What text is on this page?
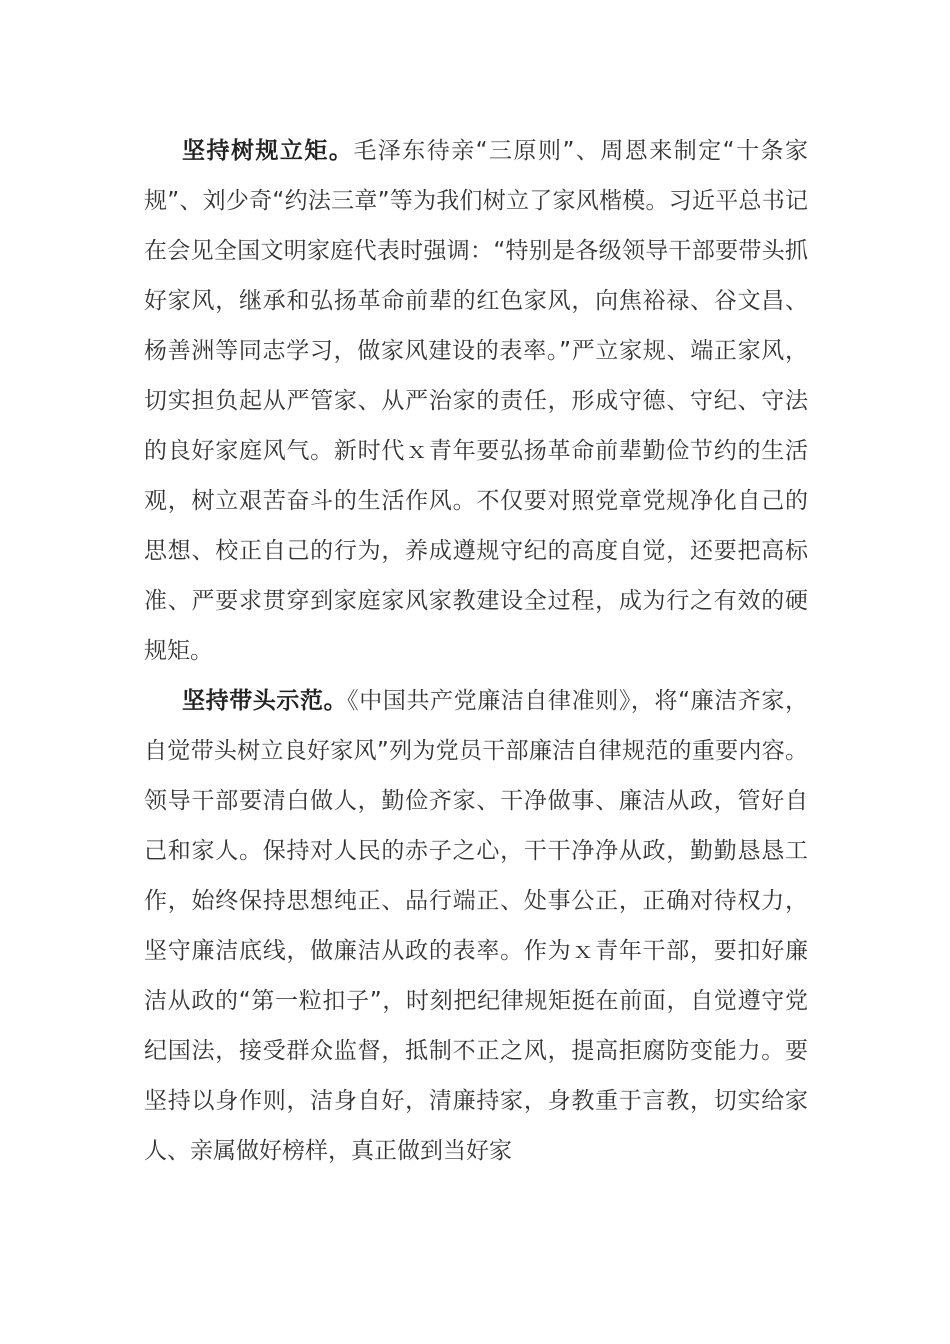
坚持树规立矩。毛泽东待亲“三原则”、周恩来制定“十条家规”、刘少奇“约法三章”等为我们树立了家风楷模。习近平总书记在会见全国文明家庭代表时强调：“特别是各级领导干部要带头抓好家风，继承和弘扬革命前辈的红色家风，向焦裕禄、谷文昌、杨善洲等同志学习，做家风建设的表率。”严立家规、端正家风，切实担负起从严管家、从严治家的责任，形成守德、守纪、守法的良好家庭风气。新时代ｘ青年要弘扬革命前辈勤俭节约的生活观，树立艰苦奋斗的生活作风。不仅要对照党章党规净化自己的思想、校正自己的行为，养成遵规守纪的高度自觉，还要把高标准、严要求贯穿到家庭家风家教建设全过程，成为行之有效的硬规矩。

坚持带头示范。《中国共产党廉洁自律准则》，将“廉洁齐家，自觉带头树立良好家风”列为党员干部廉洁自律规范的重要内容。领导干部要清白做人，勤俭齐家、干净做事、廉洁从政，管好自己和家人。保持对人民的赤子之心，干干净净从政，勤勤恳恳工作，始终保持思想纯正、品行端正、处事公正，正确对待权力，坚守廉洁底线，做廉洁从政的表率。作为ｘ青年干部，要扣好廉洁从政的“第一粒扣子”，时刻把纪律规矩挺在前面，自觉遵守党纪国法，接受群众监督，抵制不正之风，提高拒腐防变能力。要坚持以身作则，洁身自好，清廉持家，身教重于言教，切实给家人、亲属做好榜样，真正做到当好家
